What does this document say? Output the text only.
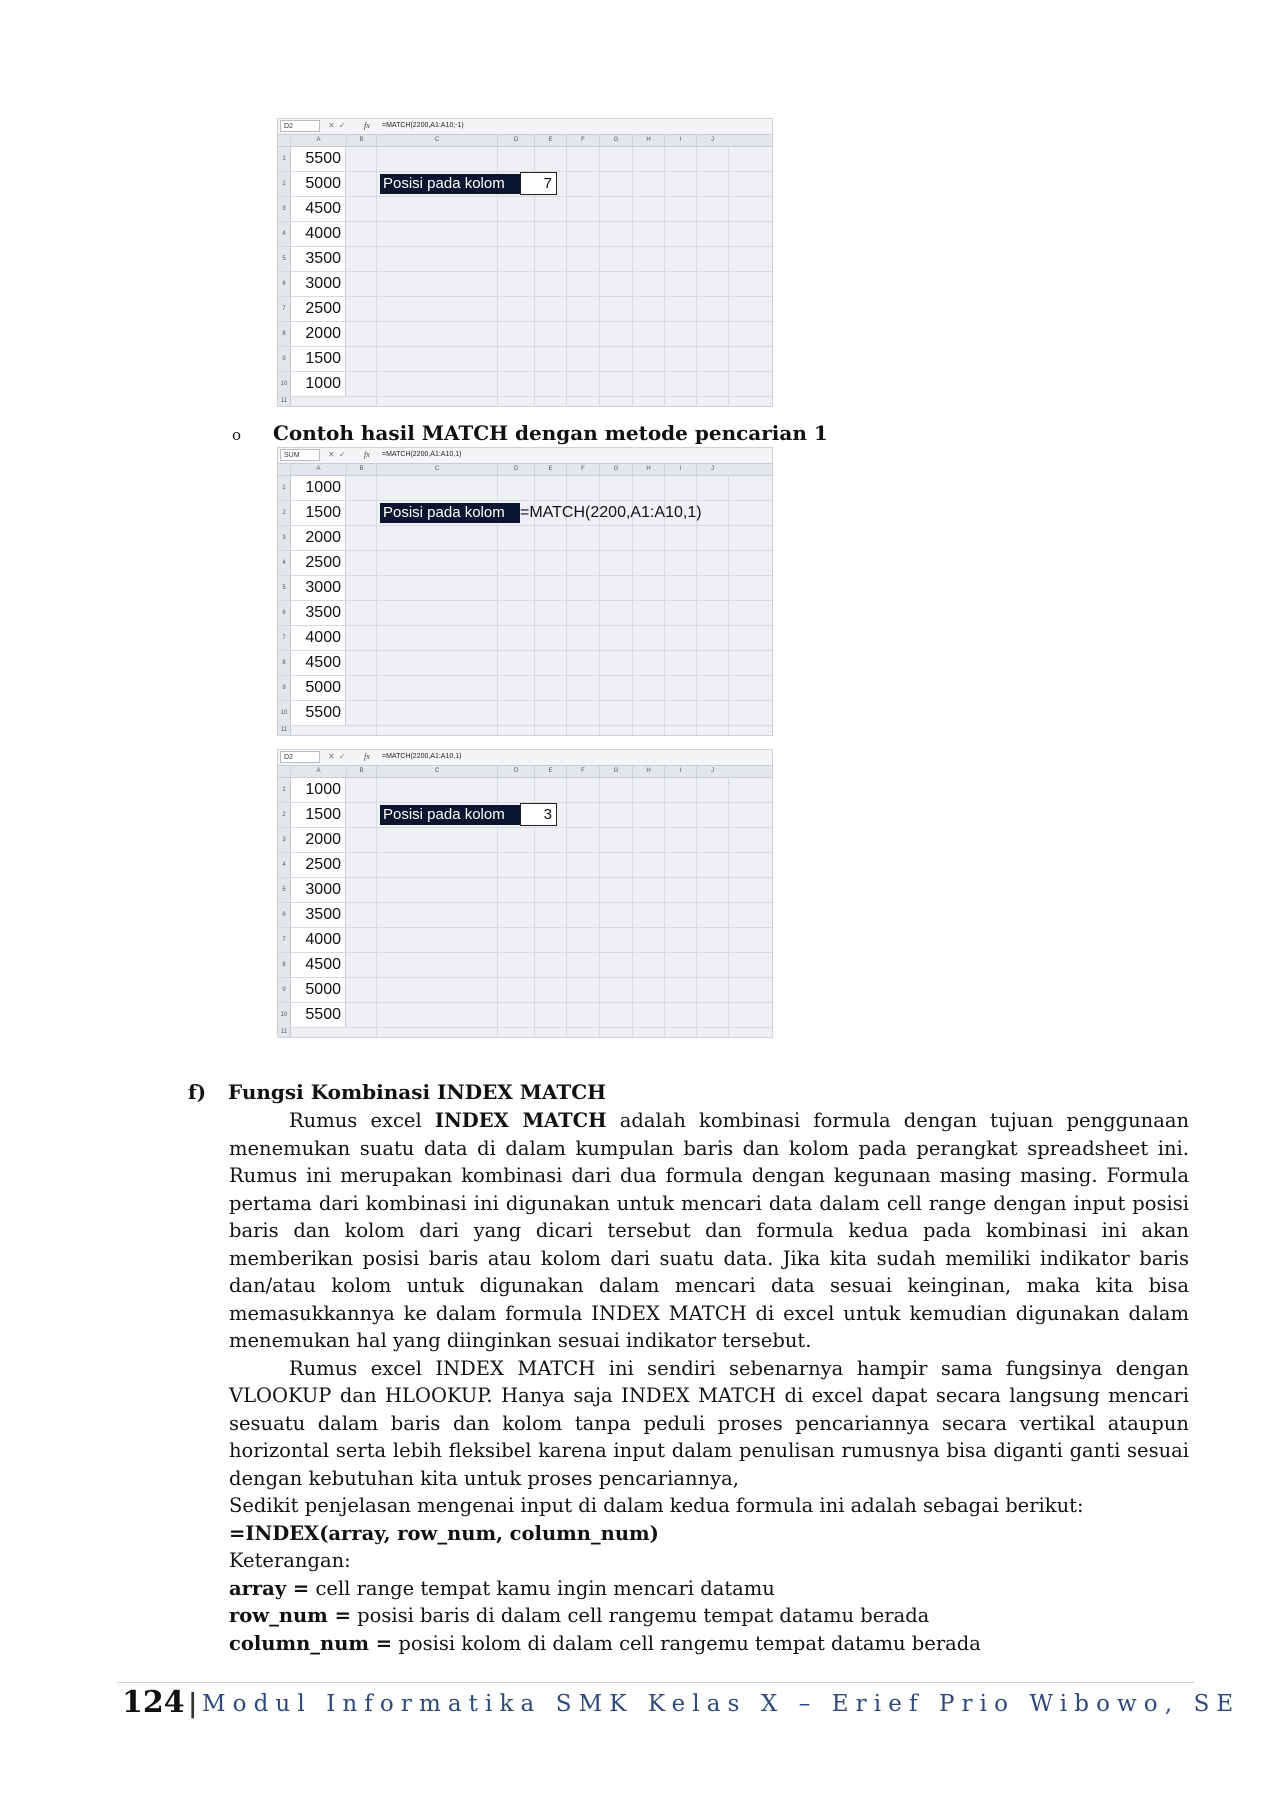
D2	✕✓ fx =MATCH(2200,A1:A10;-1)
A	B	C	D	E	F	G	H	I	J
1	5500
2	5000	Posisi pada kolom	7
3	4500
4	4000
5	3500
6	3000
7	2500
8	2000
9	1500
10	1000
11
o Contoh hasil MATCH dengan metode pencarian 1
SUM	✕✓ fx =MATCH(2200,A1:A10,1)
A	B	C	D	E	F	G	H	I	J
1	1000
2	1500	Posisi pada kolom =MATCH(2200,A1:A10,1)
3	2000
4	2500
5	3000
6	3500
7	4000
8	4500
9	5000
10	5500
11
D2	✕✓ fx =MATCH(2200,A1:A10,1)
A	B	C	D	E	F	G	H	I	J
1	1000
2	1500	Posisi pada kolom	3
3	2000
4	2500
5	3000
6	3500
7	4000
8	4500
9	5000
10	5500
11
f) Fungsi Kombinasi INDEX MATCH

Rumus excel INDEX MATCH adalah kombinasi formula dengan tujuan penggunaan menemukan suatu data di dalam kumpulan baris dan kolom pada perangkat spreadsheet ini. Rumus ini merupakan kombinasi dari dua formula dengan kegunaan masing masing. Formula pertama dari kombinasi ini digunakan untuk mencari data dalam cell range dengan input posisi baris dan kolom dari yang dicari tersebut dan formula kedua pada kombinasi ini akan memberikan posisi baris atau kolom dari suatu data. Jika kita sudah memiliki indikator baris dan/atau kolom untuk digunakan dalam mencari data sesuai keinginan, maka kita bisa memasukkannya ke dalam formula INDEX MATCH di excel untuk kemudian digunakan dalam menemukan hal yang diinginkan sesuai indikator tersebut.

Rumus excel INDEX MATCH ini sendiri sebenarnya hampir sama fungsinya dengan VLOOKUP dan HLOOKUP. Hanya saja INDEX MATCH di excel dapat secara langsung mencari sesuatu dalam baris dan kolom tanpa peduli proses pencariannya secara vertikal ataupun horizontal serta lebih fleksibel karena input dalam penulisan rumusnya bisa diganti ganti sesuai dengan kebutuhan kita untuk proses pencariannya,

Sedikit penjelasan mengenai input di dalam kedua formula ini adalah sebagai berikut:
=INDEX(array, row_num, column_num)
Keterangan:
array = cell range tempat kamu ingin mencari datamu
row_num = posisi baris di dalam cell rangemu tempat datamu berada
column_num = posisi kolom di dalam cell rangemu tempat datamu berada
124 | Modul Informatika SMK Kelas X – Erief Prio Wibowo, SE
